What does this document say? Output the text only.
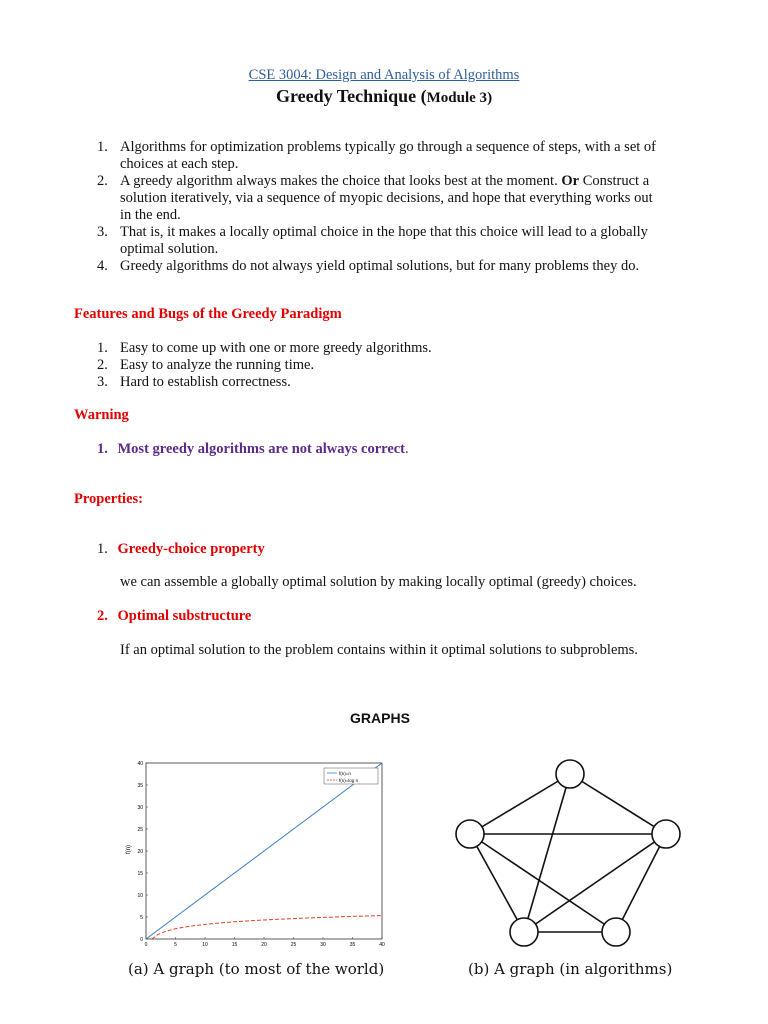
CSE 3004: Design and Analysis of Algorithms
Greedy Technique (Module 3)
1. Algorithms for optimization problems typically go through a sequence of steps, with a set of
choices at each step.
2. A greedy algorithm always makes the choice that looks best at the moment. Or Construct a
solution iteratively, via a sequence of myopic decisions, and hope that everything works out
in the end.
3. That is, it makes a locally optimal choice in the hope that this choice will lead to a globally
optimal solution.
4. Greedy algorithms do not always yield optimal solutions, but for many problems they do.
Features and Bugs of the Greedy Paradigm
1. Easy to come up with one or more greedy algorithms.
2. Easy to analyze the running time.
3. Hard to establish correctness.
Warning
1. Most greedy algorithms are not always correct.
Properties:
1. Greedy-choice property
we can assemble a globally optimal solution by making locally optimal (greedy) choices.
2. Optimal substructure
If an optimal solution to the problem contains within it optimal solutions to subproblems.
GRAPHS
0	5	10	15	20	25	30	35	40
0
5
10
15
20
25
30
35
40
f(n)
f(n)=n
f(n)=log n
(a) A graph (to most of the world)	(b) A graph (in algorithms)
